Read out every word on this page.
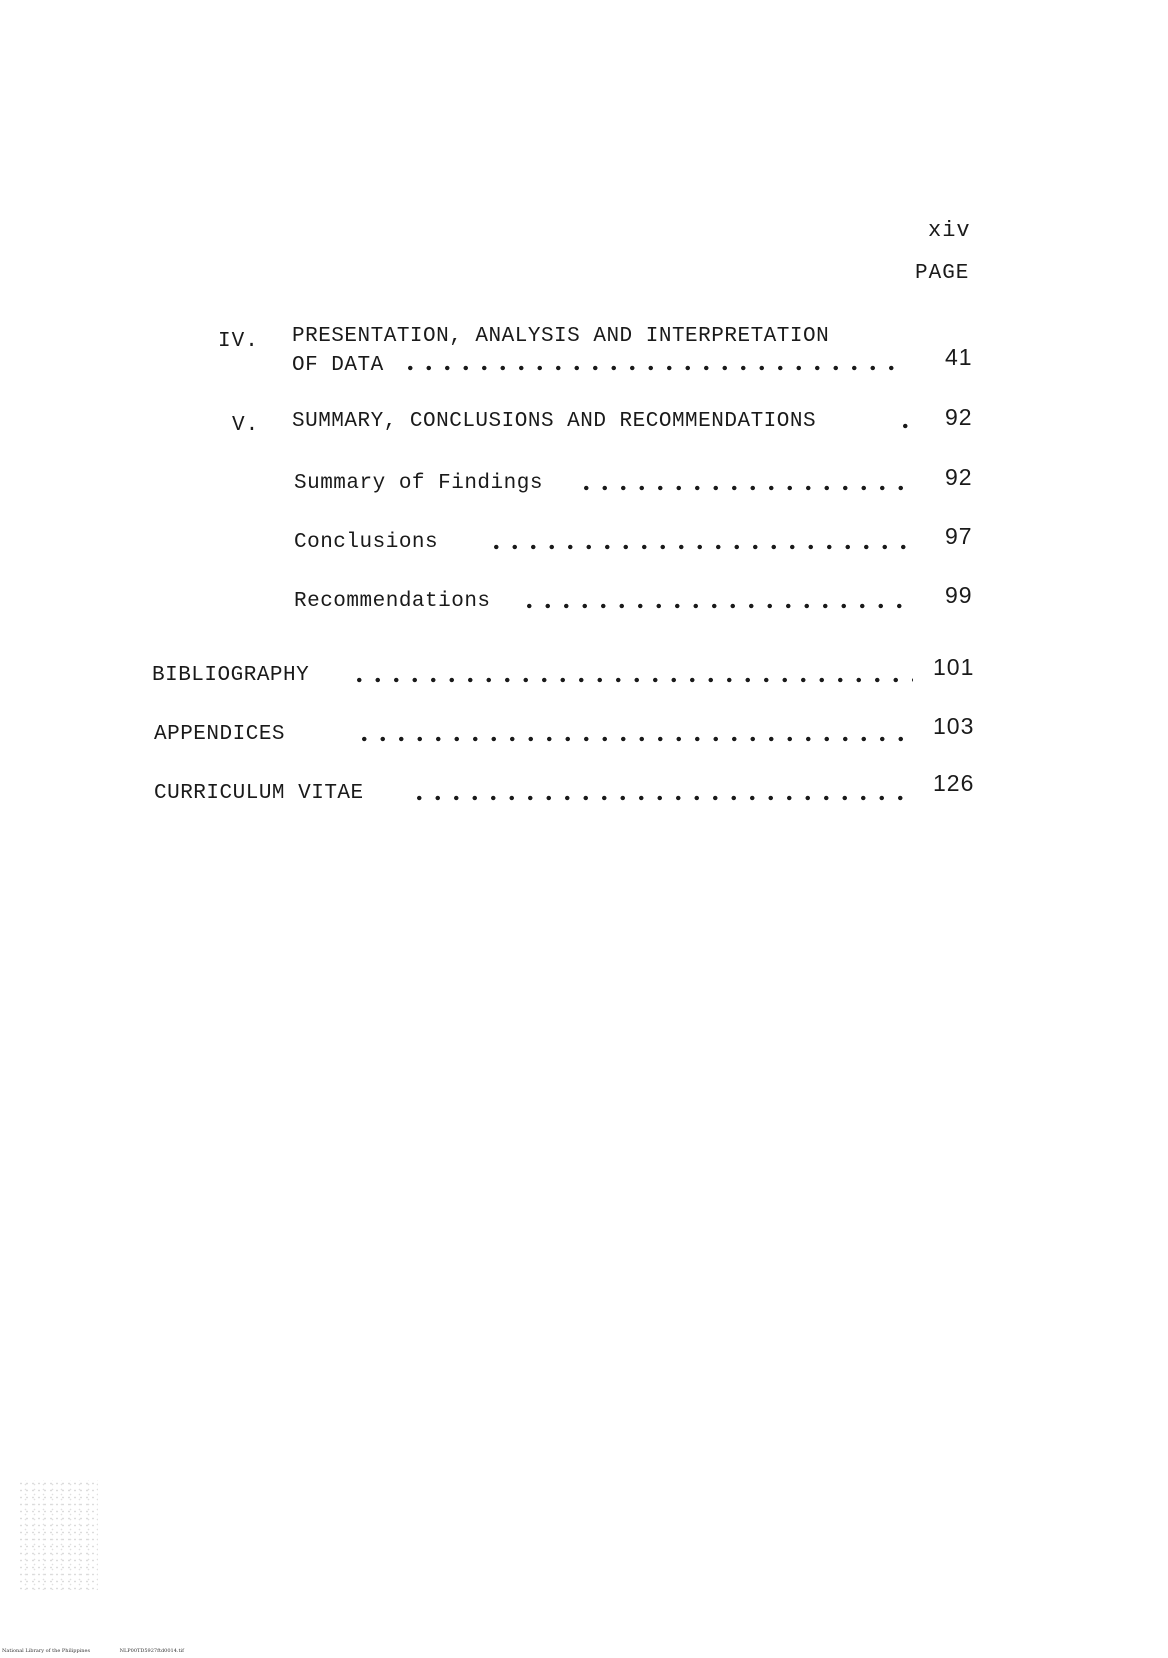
xiv
PAGE
IV. PRESENTATION, ANALYSIS AND INTERPRETATION
OF DATA	41
V. SUMMARY, CONCLUSIONS AND RECOMMENDATIONS	92
Summary of Findings	92
Conclusions	97
Recommendations	99
BIBLIOGRAPHY	101
APPENDICES	103
CURRICULUM VITAE	126
National Library of the Philippines	NLP00TD5927ftd0014.tif
